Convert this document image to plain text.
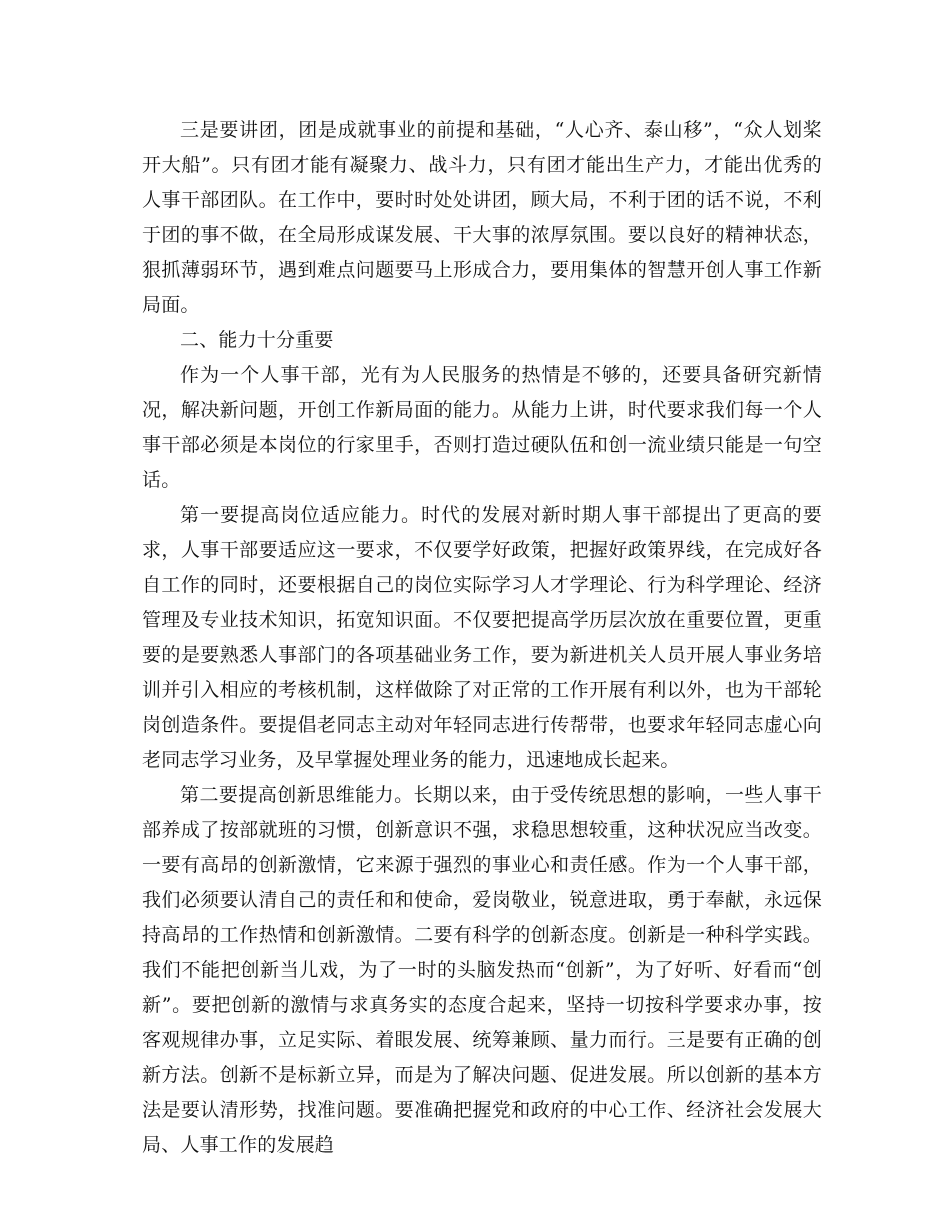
三是要讲团，团是成就事业的前提和基础，“人心齐、泰山移”，“众人划桨开大船”。只有团才能有凝聚力、战斗力，只有团才能出生产力，才能出优秀的人事干部团队。在工作中，要时时处处讲团，顾大局，不利于团的话不说，不利于团的事不做，在全局形成谋发展、干大事的浓厚氛围。要以良好的精神状态，狠抓薄弱环节，遇到难点问题要马上形成合力，要用集体的智慧开创人事工作新局面。

二、能力十分重要

作为一个人事干部，光有为人民服务的热情是不够的，还要具备研究新情况，解决新问题，开创工作新局面的能力。从能力上讲，时代要求我们每一个人事干部必须是本岗位的行家里手，否则打造过硬队伍和创一流业绩只能是一句空话。

第一要提高岗位适应能力。时代的发展对新时期人事干部提出了更高的要求，人事干部要适应这一要求，不仅要学好政策，把握好政策界线，在完成好各自工作的同时，还要根据自己的岗位实际学习人才学理论、行为科学理论、经济管理及专业技术知识，拓宽知识面。不仅要把提高学历层次放在重要位置，更重要的是要熟悉人事部门的各项基础业务工作，要为新进机关人员开展人事业务培训并引入相应的考核机制，这样做除了对正常的工作开展有利以外，也为干部轮岗创造条件。要提倡老同志主动对年轻同志进行传帮带，也要求年轻同志虚心向老同志学习业务，及早掌握处理业务的能力，迅速地成长起来。

第二要提高创新思维能力。长期以来，由于受传统思想的影响，一些人事干部养成了按部就班的习惯，创新意识不强，求稳思想较重，这种状况应当改变。一要有高昂的创新激情，它来源于强烈的事业心和责任感。作为一个人事干部，我们必须要认清自己的责任和和使命，爱岗敬业，锐意进取，勇于奉献，永远保持高昂的工作热情和创新激情。二要有科学的创新态度。创新是一种科学实践。我们不能把创新当儿戏，为了一时的头脑发热而“创新”，为了好听、好看而“创新”。要把创新的激情与求真务实的态度合起来，坚持一切按科学要求办事，按客观规律办事，立足实际、着眼发展、统筹兼顾、量力而行。三是要有正确的创新方法。创新不是标新立异，而是为了解决问题、促进发展。所以创新的基本方法是要认清形势，找准问题。要准确把握党和政府的中心工作、经济社会发展大局、人事工作的发展趋
